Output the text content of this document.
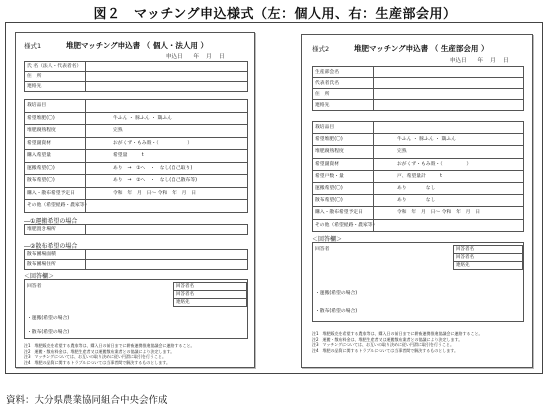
図２　マッチング申込様式（左：個人用、右：生産部会用）
様式1	堆肥マッチング申込書 （ 個人・法人用 ）
申込日　　年　 月　 日
氏 名（法人・代表者名）
住　所
連絡先
栽培品目
希望堆肥(〇)	牛ふん ・ 豚ふん ・ 鶏ふん
堆肥腐熟程度	完熟
希望副資材	おがくず・もみ殻・（　　　　　　）
購入希望量	希望量　　　t
運搬希望(〇)	あり　→　①へ　・　なし(自己取り)
散布希望(〇)	あり　→　②へ　・　なし(自己散布等)
購入・散布希望予定日	令和　年　月　日～ 令和　年　月　日
その他（希望経路・農家等）
―①運搬希望の場合
堆肥置き場所
―②散布希望の場合
散布圃場面積
散布圃場住所
＜回答欄＞
回答者	回答者名
回答者名
連絡先
・運搬(希望の場合)
・散布(希望の場合)
注1　堆肥販売を希望する農家等は、購入日の前日までに耕畜連携推進協議会に連絡すること。
注2　運搬・散布料金は、堆肥生産者又は運搬散布業者との協議により決定します。
注3　マッチングについては、お互いの取り決めに従い円滑に取引を行うこと。
注4　堆肥の品質に関するトラブルについては当事者間で解決するものとします。
様式2	堆肥マッチング申込書 （ 生産部会用 ）
申込日　　年　 月　 日
生産部会名
代表者氏名
住　所
連絡先
栽培品目
希望堆肥(〇)	牛ふん ・ 豚ふん ・ 鶏ふん
堆肥腐熟程度	完熟
希望副資材	おがくず・もみ殻・（　　　　　）
希望戸数・量	戸、希望量計　　　t
運搬希望(〇)	あり　　　　なし
散布希望(〇)	あり　　　　なし
購入・散布希望予定日	令和　年　月　日～ 令和　年　月　日
その他（希望経路・農家等）
＜回答欄＞
回答者	回答者名
回答者名
連絡先
・運搬(希望の場合)
・散布(希望の場合)
注1　堆肥販売を希望する農家等は、購入日の前日までに耕畜連携推進協議会に連絡すること。
注2　運搬・散布料金は、堆肥生産者又は運搬散布業者との協議により決定します。
注3　マッチングについては、お互いの取り決めに従い円滑に取引を行うこと。
注4　堆肥の品質に関するトラブルについては当事者間で解決するものとします。
資料：大分県農業協同組合中央会作成
